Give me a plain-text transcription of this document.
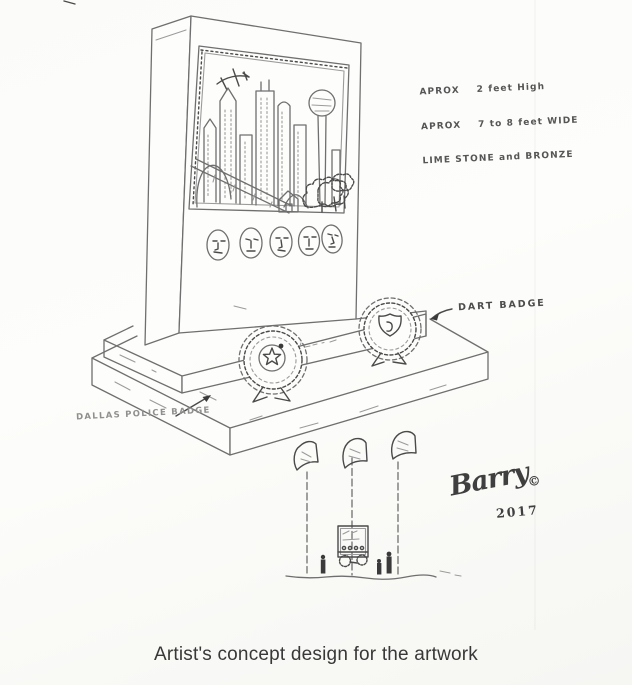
APROX    2 feet High

APROX    7 to 8 feet WIDE

LIME STONE and BRONZE

DART BADGE
DALLAS POLICE BADGE
Barry$_©$
2017
Artist's concept design for the artwork
